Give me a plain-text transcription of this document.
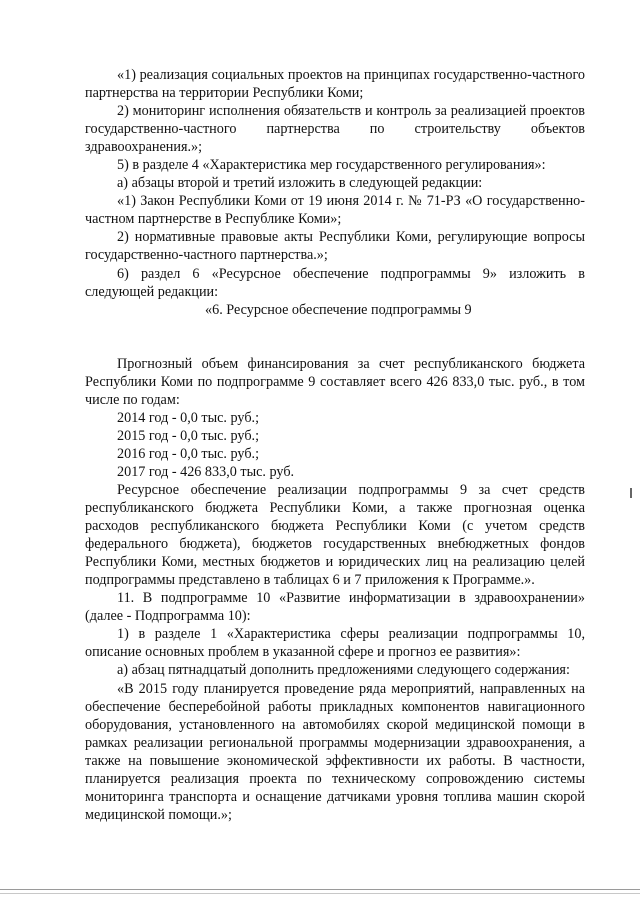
«1) реализация социальных проектов на принципах государственно-частного партнерства на территории Республики Коми;

2) мониторинг исполнения обязательств и контроль за реализацией проектов государственно-частного партнерства по строительству объектов здравоохранения.»;

5) в разделе 4 «Характеристика мер государственного регулирования»:

а) абзацы второй и третий изложить в следующей редакции:

«1) Закон Республики Коми от 19 июня 2014 г. № 71-РЗ «О государственно-частном партнерстве в Республике Коми»;

2) нормативные правовые акты Республики Коми, регулирующие вопросы государственно-частного партнерства.»;

6) раздел 6 «Ресурсное обеспечение подпрограммы 9» изложить в следующей редакции:

«6. Ресурсное обеспечение подпрограммы 9

Прогнозный объем финансирования за счет республиканского бюджета Республики Коми по подпрограмме 9 составляет всего 426 833,0 тыс. руб., в том числе по годам:

2014 год - 0,0 тыс. руб.;

2015 год - 0,0 тыс. руб.;

2016 год - 0,0 тыс. руб.;

2017 год - 426 833,0 тыс. руб.

Ресурсное обеспечение реализации подпрограммы 9 за счет средств республиканского бюджета Республики Коми, а также прогнозная оценка расходов республиканского бюджета Республики Коми (с учетом средств федерального бюджета), бюджетов государственных внебюджетных фондов Республики Коми, местных бюджетов и юридических лиц на реализацию целей подпрограммы представлено в таблицах 6 и 7 приложения к Программе.».

11. В подпрограмме 10 «Развитие информатизации в здравоохранении» (далее - Подпрограмма 10):

1) в разделе 1 «Характеристика сферы реализации подпрограммы 10, описание основных проблем в указанной сфере и прогноз ее развития»:

а) абзац пятнадцатый дополнить предложениями следующего содержания:

«В 2015 году планируется проведение ряда мероприятий, направленных на обеспечение бесперебойной работы прикладных компонентов навигационного оборудования, установленного на автомобилях скорой медицинской помощи в рамках реализации региональной программы модернизации здравоохранения, а также на повышение экономической эффективности их работы. В частности, планируется реализация проекта по техническому сопровождению системы мониторинга транспорта и оснащение датчиками уровня топлива машин скорой медицинской помощи.»;
